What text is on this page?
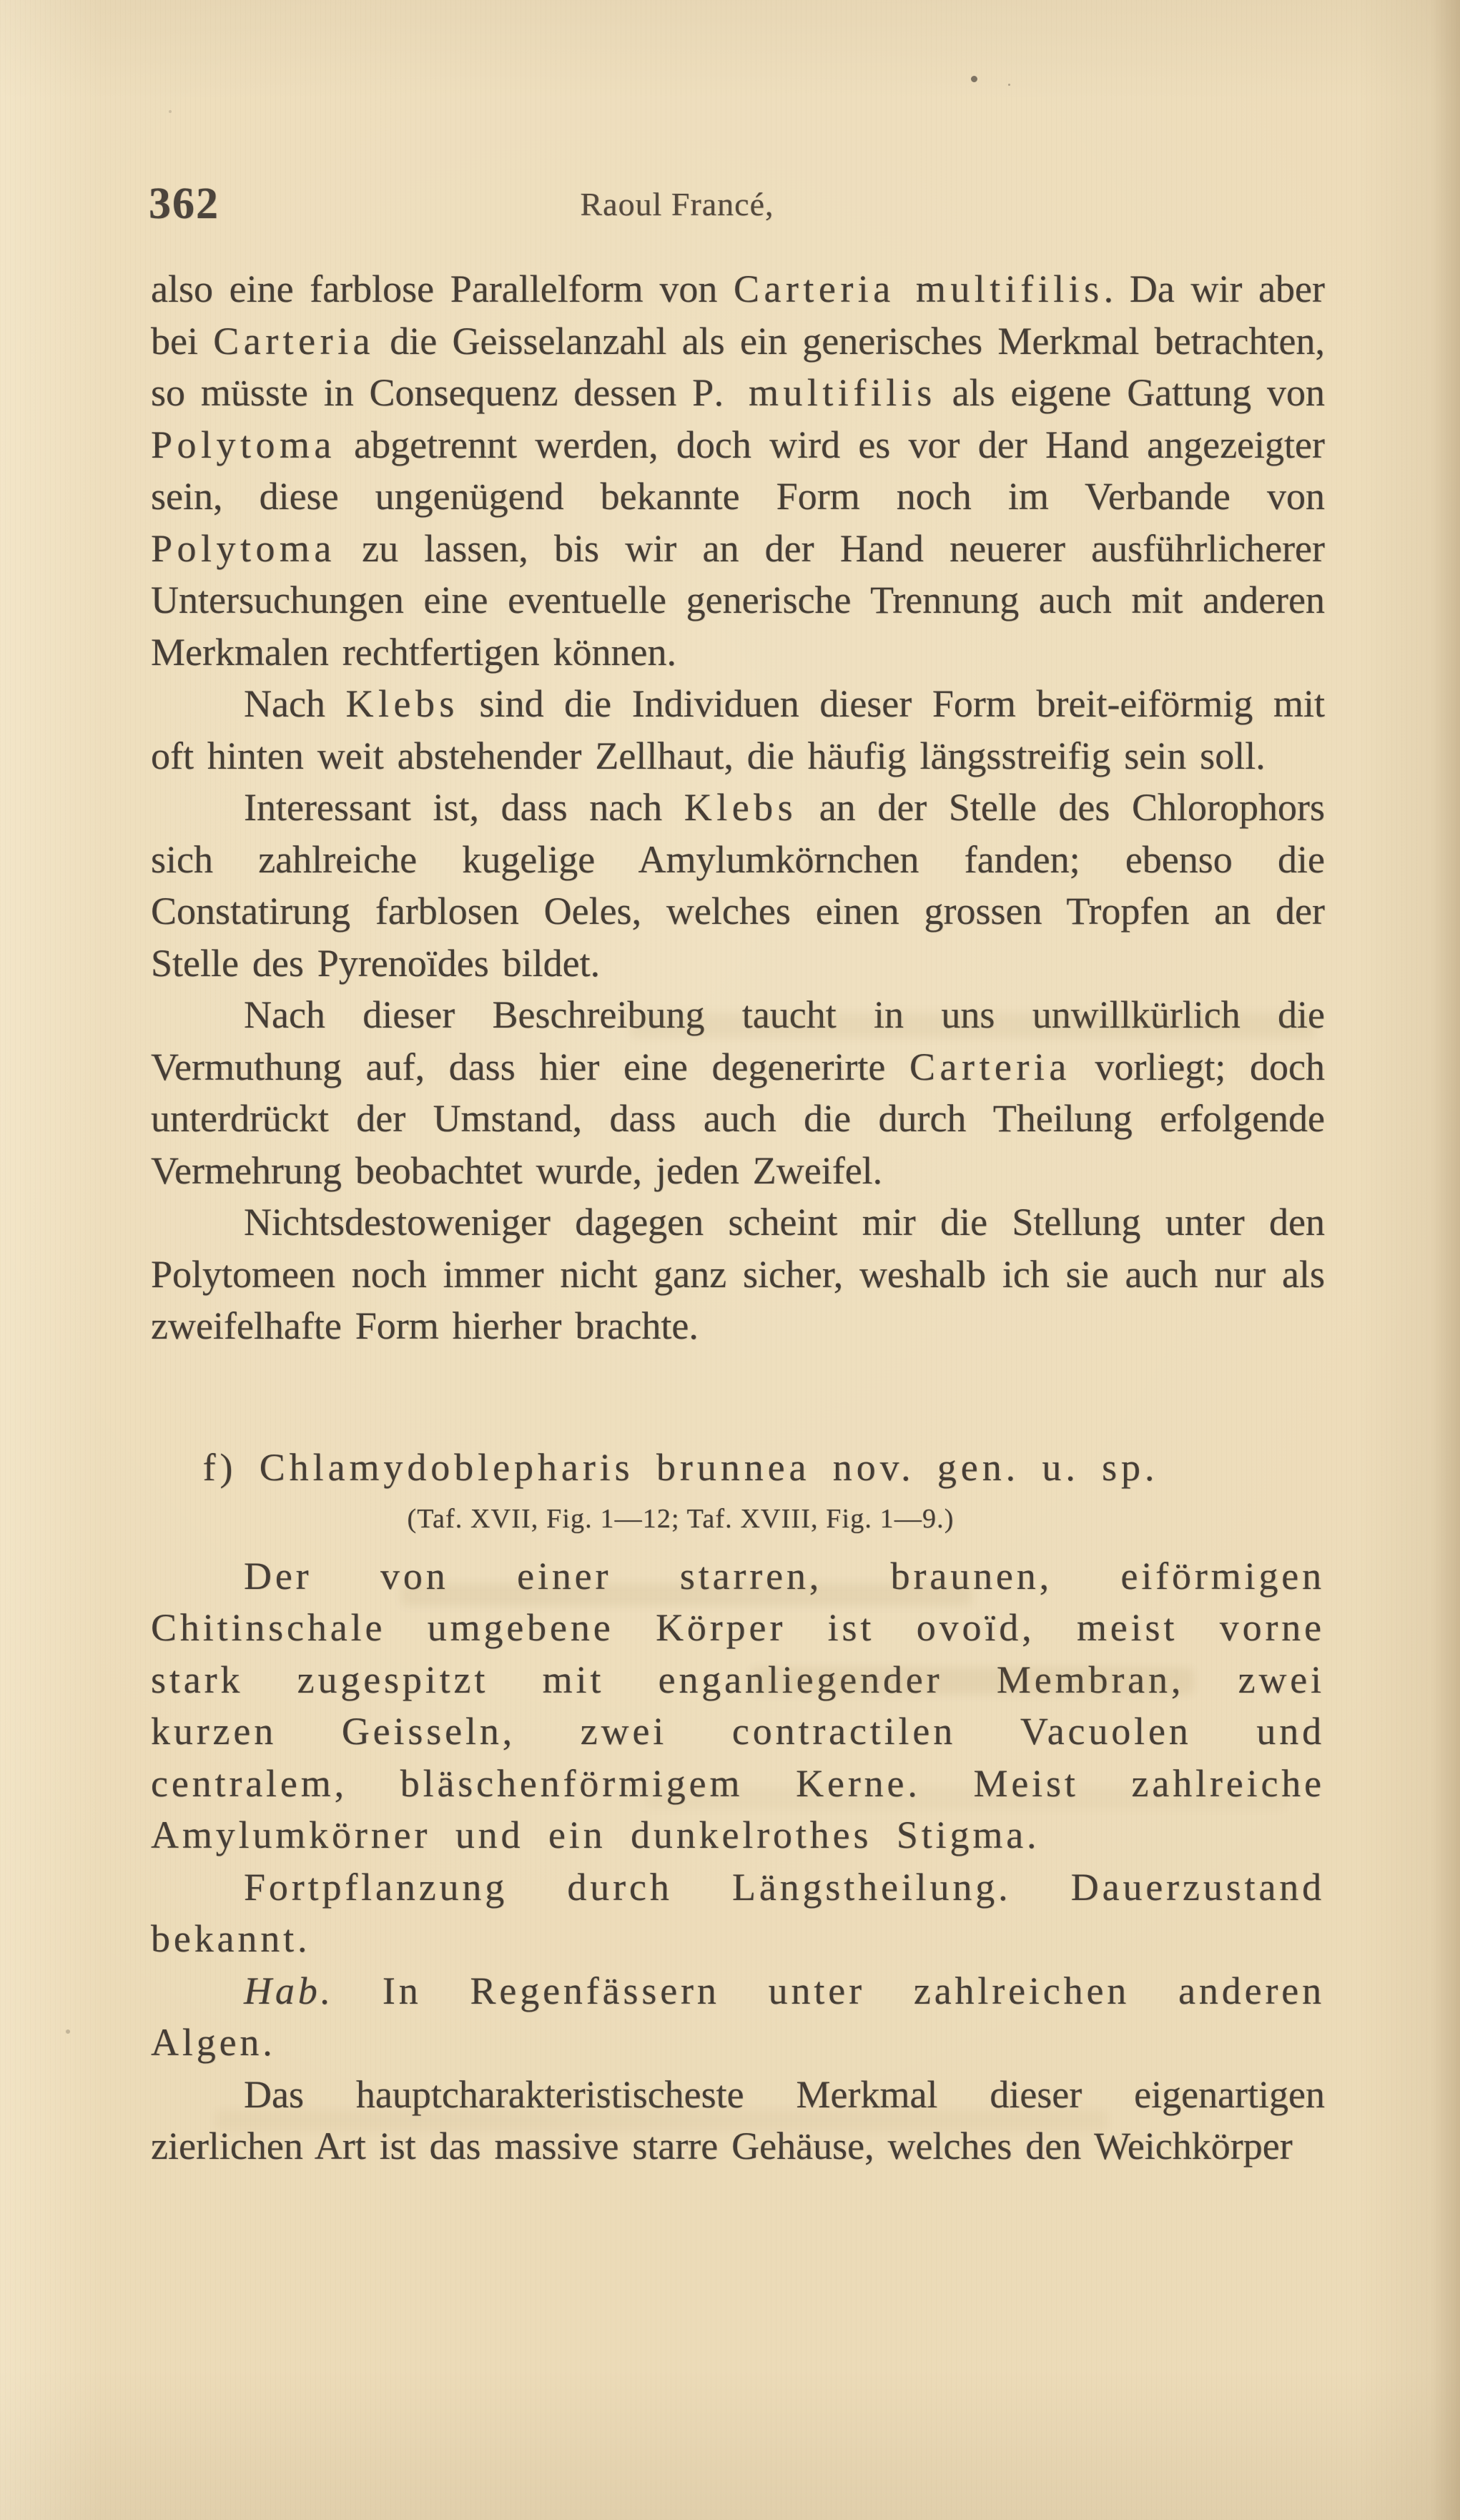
362	Raoul Francé,

also eine farblose Parallelform von Carteria multifilis. Da wir aber bei Carteria die Geisselanzahl als ein generisches Merkmal betrachten, so müsste in Consequenz dessen P. multifilis als eigene Gattung von Polytoma abgetrennt werden, doch wird es vor der Hand angezeigter sein, diese ungenügend bekannte Form noch im Verbande von Polytoma zu lassen, bis wir an der Hand neuerer ausführlicherer Untersuchungen eine eventuelle generische Trennung auch mit anderen Merkmalen rechtfertigen können.

Nach Klebs sind die Individuen dieser Form breit-eiförmig mit oft hinten weit abstehender Zellhaut, die häufig längsstreifig sein soll.

Interessant ist, dass nach Klebs an der Stelle des Chlorophors sich zahlreiche kugelige Amylumkörnchen fanden; ebenso die Constatirung farblosen Oeles, welches einen grossen Tropfen an der Stelle des Pyrenoïdes bildet.

Nach dieser Beschreibung taucht in uns unwillkürlich die Vermuthung auf, dass hier eine degenerirte Carteria vorliegt; doch unterdrückt der Umstand, dass auch die durch Theilung erfolgende Vermehrung beobachtet wurde, jeden Zweifel.

Nichtsdestoweniger dagegen scheint mir die Stellung unter den Polytomeen noch immer nicht ganz sicher, weshalb ich sie auch nur als zweifelhafte Form hierher brachte.

f) Chlamydoblepharis brunnea nov. gen. u. sp.

(Taf. XVII, Fig. 1—12; Taf. XVIII, Fig. 1—9.)

Der von einer starren, braunen, eiförmigen Chitinschale umgebene Körper ist ovoïd, meist vorne stark zugespitzt mit enganliegender Membran, zwei kurzen Geisseln, zwei contractilen Vacuolen und centralem, bläschenförmigem Kerne. Meist zahlreiche Amylumkörner und ein dunkelrothes Stigma.

Fortpflanzung durch Längstheilung. Dauerzustand bekannt.

Hab. In Regenfässern unter zahlreichen anderen Algen.

Das hauptcharakteristischeste Merkmal dieser eigenartigen zierlichen Art ist das massive starre Gehäuse, welches den Weichkörper
